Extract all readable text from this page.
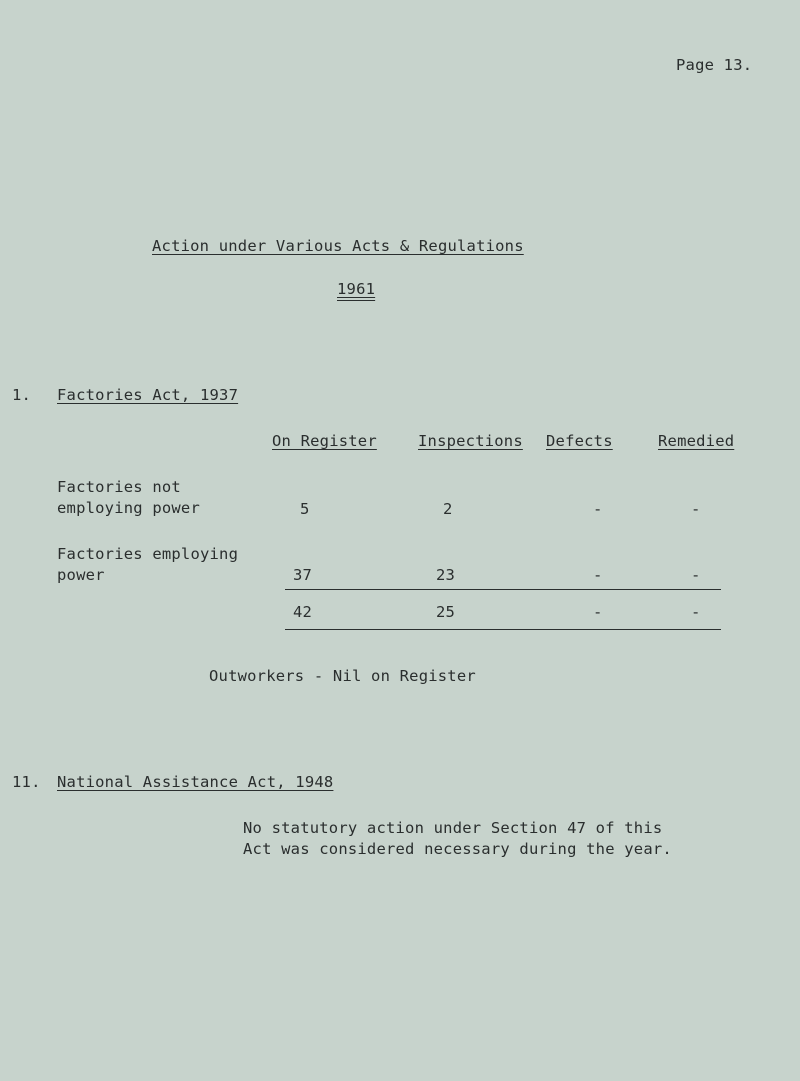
Page 13.
Action under Various Acts & Regulations
1961
1. Factories Act, 1937
On Register	Inspections Defects	Remedied
Factories not
employing power	5	2	-	-
Factories employing
power	37	23	-	-
42	25	-	-
Outworkers - Nil on Register
11. National Assistance Act, 1948
No statutory action under Section 47 of this
Act was considered necessary during the year.
